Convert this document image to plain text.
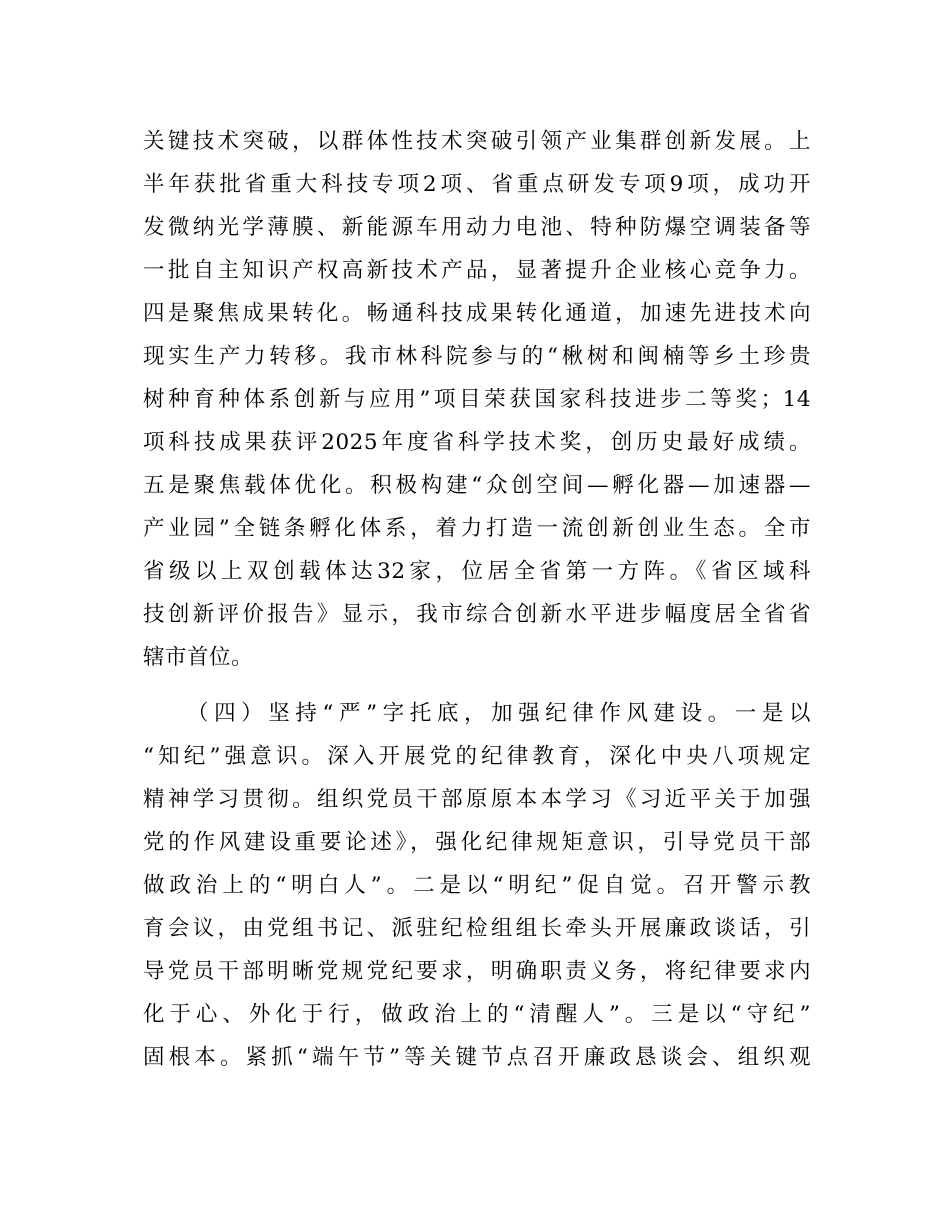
关键技术突破，以群体性技术突破引领产业集群创新发展。上
半年获批省重大科技专项2项、省重点研发专项9项，成功开
发微纳光学薄膜、新能源车用动力电池、特种防爆空调装备等
一批自主知识产权高新技术产品，显著提升企业核心竞争力。
四是聚焦成果转化。畅通科技成果转化通道，加速先进技术向
现实生产力转移。我市林科院参与的“楸树和闽楠等乡土珍贵
树种育种体系创新与应用”项目荣获国家科技进步二等奖；14
项科技成果获评2025年度省科学技术奖，创历史最好成绩。
五是聚焦载体优化。积极构建“众创空间—孵化器—加速器—
产业园”全链条孵化体系，着力打造一流创新创业生态。全市
省级以上双创载体达32家，位居全省第一方阵。《省区域科
技创新评价报告》显示，我市综合创新水平进步幅度居全省省
辖市首位。
（四）坚持“严”字托底，加强纪律作风建设。一是以
“知纪”强意识。深入开展党的纪律教育，深化中央八项规定
精神学习贯彻。组织党员干部原原本本学习《习近平关于加强
党的作风建设重要论述》，强化纪律规矩意识，引导党员干部
做政治上的“明白人”。二是以“明纪”促自觉。召开警示教
育会议，由党组书记、派驻纪检组组长牵头开展廉政谈话，引
导党员干部明晰党规党纪要求，明确职责义务，将纪律要求内
化于心、外化于行，做政治上的“清醒人”。三是以“守纪”
固根本。紧抓“端午节”等关键节点召开廉政恳谈会、组织观
